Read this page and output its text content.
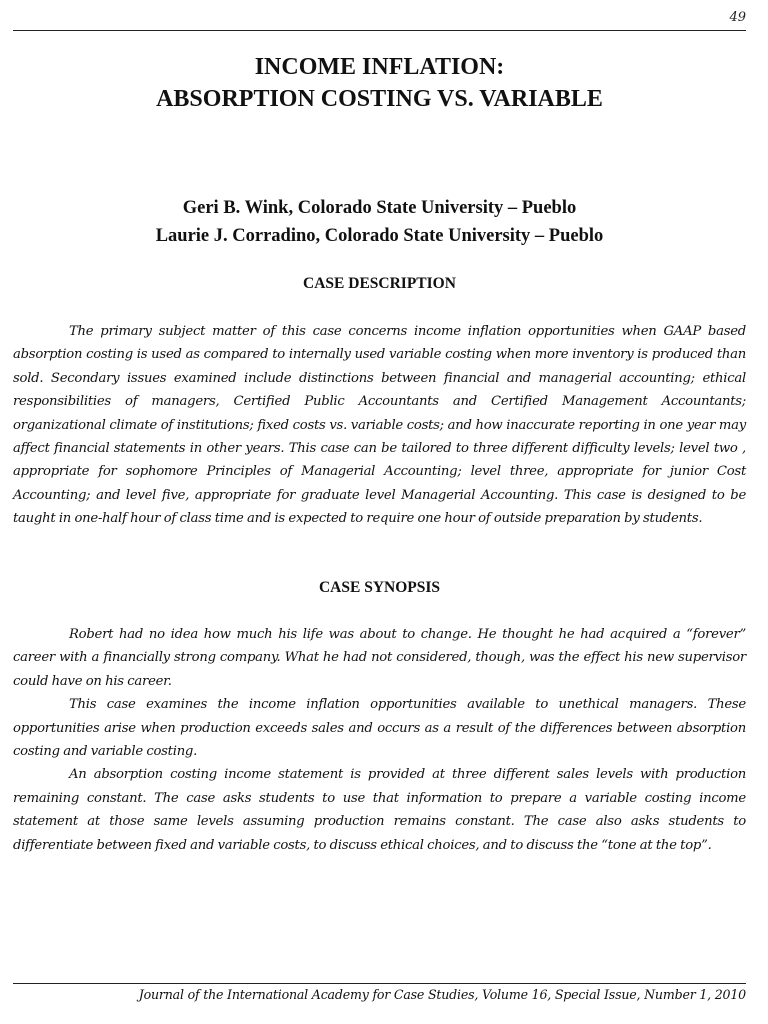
49
INCOME INFLATION:
ABSORPTION COSTING VS. VARIABLE
Geri B. Wink, Colorado State University – Pueblo
Laurie J. Corradino, Colorado State University – Pueblo
CASE DESCRIPTION

The primary subject matter of this case concerns income inflation opportunities when GAAP based absorption costing is used as compared to internally used variable costing when more inventory is produced than sold. Secondary issues examined include distinctions between financial and managerial accounting; ethical responsibilities of managers, Certified Public Accountants and Certified Management Accountants; organizational climate of institutions; fixed costs vs. variable costs; and how inaccurate reporting in one year may affect financial statements in other years. This case can be tailored to three different difficulty levels; level two , appropriate for sophomore Principles of Managerial Accounting; level three, appropriate for junior Cost Accounting; and level five, appropriate for graduate level Managerial Accounting. This case is designed to be taught in one-half hour of class time and is expected to require one hour of outside preparation by students.

CASE SYNOPSIS

Robert had no idea how much his life was about to change. He thought he had acquired a “forever” career with a financially strong company. What he had not considered, though, was the effect his new supervisor could have on his career.

This case examines the income inflation opportunities available to unethical managers. These opportunities arise when production exceeds sales and occurs as a result of the differences between absorption costing and variable costing.

An absorption costing income statement is provided at three different sales levels with production remaining constant. The case asks students to use that information to prepare a variable costing income statement at those same levels assuming production remains constant. The case also asks students to differentiate between fixed and variable costs, to discuss ethical choices, and to discuss the “tone at the top”.

Journal of the International Academy for Case Studies, Volume 16, Special Issue, Number 1, 2010
